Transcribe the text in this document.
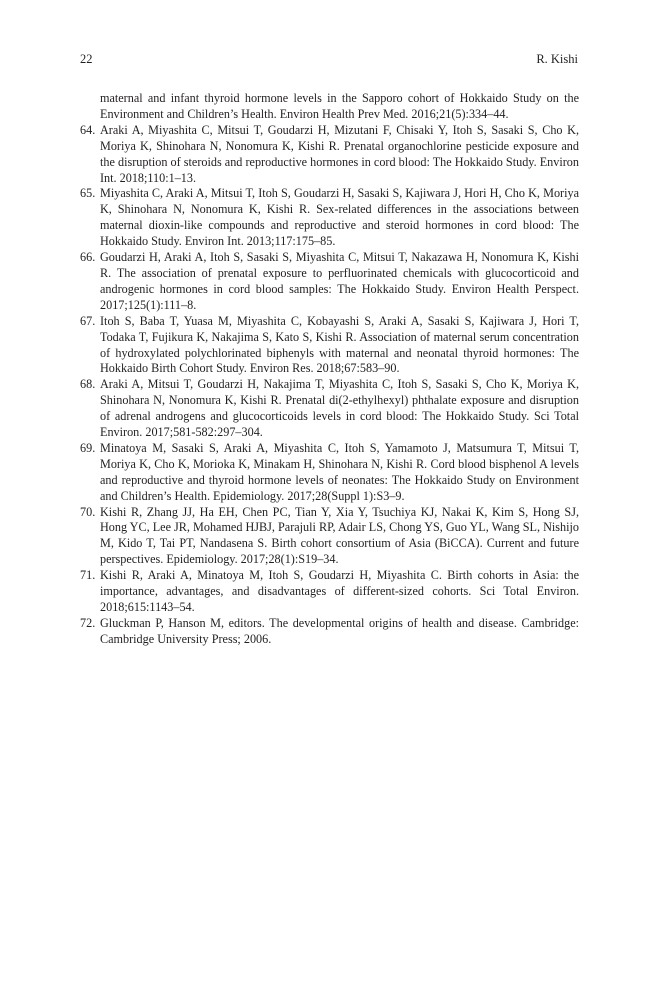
22	R. Kishi
maternal and infant thyroid hormone levels in the Sapporo cohort of Hokkaido Study on the Environment and Children’s Health. Environ Health Prev Med. 2016;21(5):334–44.
64. Araki A, Miyashita C, Mitsui T, Goudarzi H, Mizutani F, Chisaki Y, Itoh S, Sasaki S, Cho K, Moriya K, Shinohara N, Nonomura K, Kishi R. Prenatal organochlorine pesticide exposure and the disruption of steroids and reproductive hormones in cord blood: The Hokkaido Study. Environ Int. 2018;110:1–13.
65. Miyashita C, Araki A, Mitsui T, Itoh S, Goudarzi H, Sasaki S, Kajiwara J, Hori H, Cho K, Moriya K, Shinohara N, Nonomura K, Kishi R. Sex-related differences in the associations between maternal dioxin-like compounds and reproductive and steroid hormones in cord blood: The Hokkaido Study. Environ Int. 2013;117:175–85.
66. Goudarzi H, Araki A, Itoh S, Sasaki S, Miyashita C, Mitsui T, Nakazawa H, Nonomura K, Kishi R. The association of prenatal exposure to perfluorinated chemicals with glucocorticoid and androgenic hormones in cord blood samples: The Hokkaido Study. Environ Health Perspect. 2017;125(1):111–8.
67. Itoh S, Baba T, Yuasa M, Miyashita C, Kobayashi S, Araki A, Sasaki S, Kajiwara J, Hori T, Todaka T, Fujikura K, Nakajima S, Kato S, Kishi R. Association of maternal serum concentration of hydroxylated polychlorinated biphenyls with maternal and neonatal thyroid hormones: The Hokkaido Birth Cohort Study. Environ Res. 2018;67:583–90.
68. Araki A, Mitsui T, Goudarzi H, Nakajima T, Miyashita C, Itoh S, Sasaki S, Cho K, Moriya K, Shinohara N, Nonomura K, Kishi R. Prenatal di(2-ethylhexyl) phthalate exposure and disruption of adrenal androgens and glucocorticoids levels in cord blood: The Hokkaido Study. Sci Total Environ. 2017;581-582:297–304.
69. Minatoya M, Sasaki S, Araki A, Miyashita C, Itoh S, Yamamoto J, Matsumura T, Mitsui T, Moriya K, Cho K, Morioka K, Minakam H, Shinohara N, Kishi R. Cord blood bisphenol A levels and reproductive and thyroid hormone levels of neonates: The Hokkaido Study on Environment and Children’s Health. Epidemiology. 2017;28(Suppl 1):S3–9.
70. Kishi R, Zhang JJ, Ha EH, Chen PC, Tian Y, Xia Y, Tsuchiya KJ, Nakai K, Kim S, Hong SJ, Hong YC, Lee JR, Mohamed HJBJ, Parajuli RP, Adair LS, Chong YS, Guo YL, Wang SL, Nishijo M, Kido T, Tai PT, Nandasena S. Birth cohort consortium of Asia (BiCCA). Current and future perspectives. Epidemiology. 2017;28(1):S19–34.
71. Kishi R, Araki A, Minatoya M, Itoh S, Goudarzi H, Miyashita C. Birth cohorts in Asia: the importance, advantages, and disadvantages of different-sized cohorts. Sci Total Environ. 2018;615:1143–54.
72. Gluckman P, Hanson M, editors. The developmental origins of health and disease. Cambridge: Cambridge University Press; 2006.
